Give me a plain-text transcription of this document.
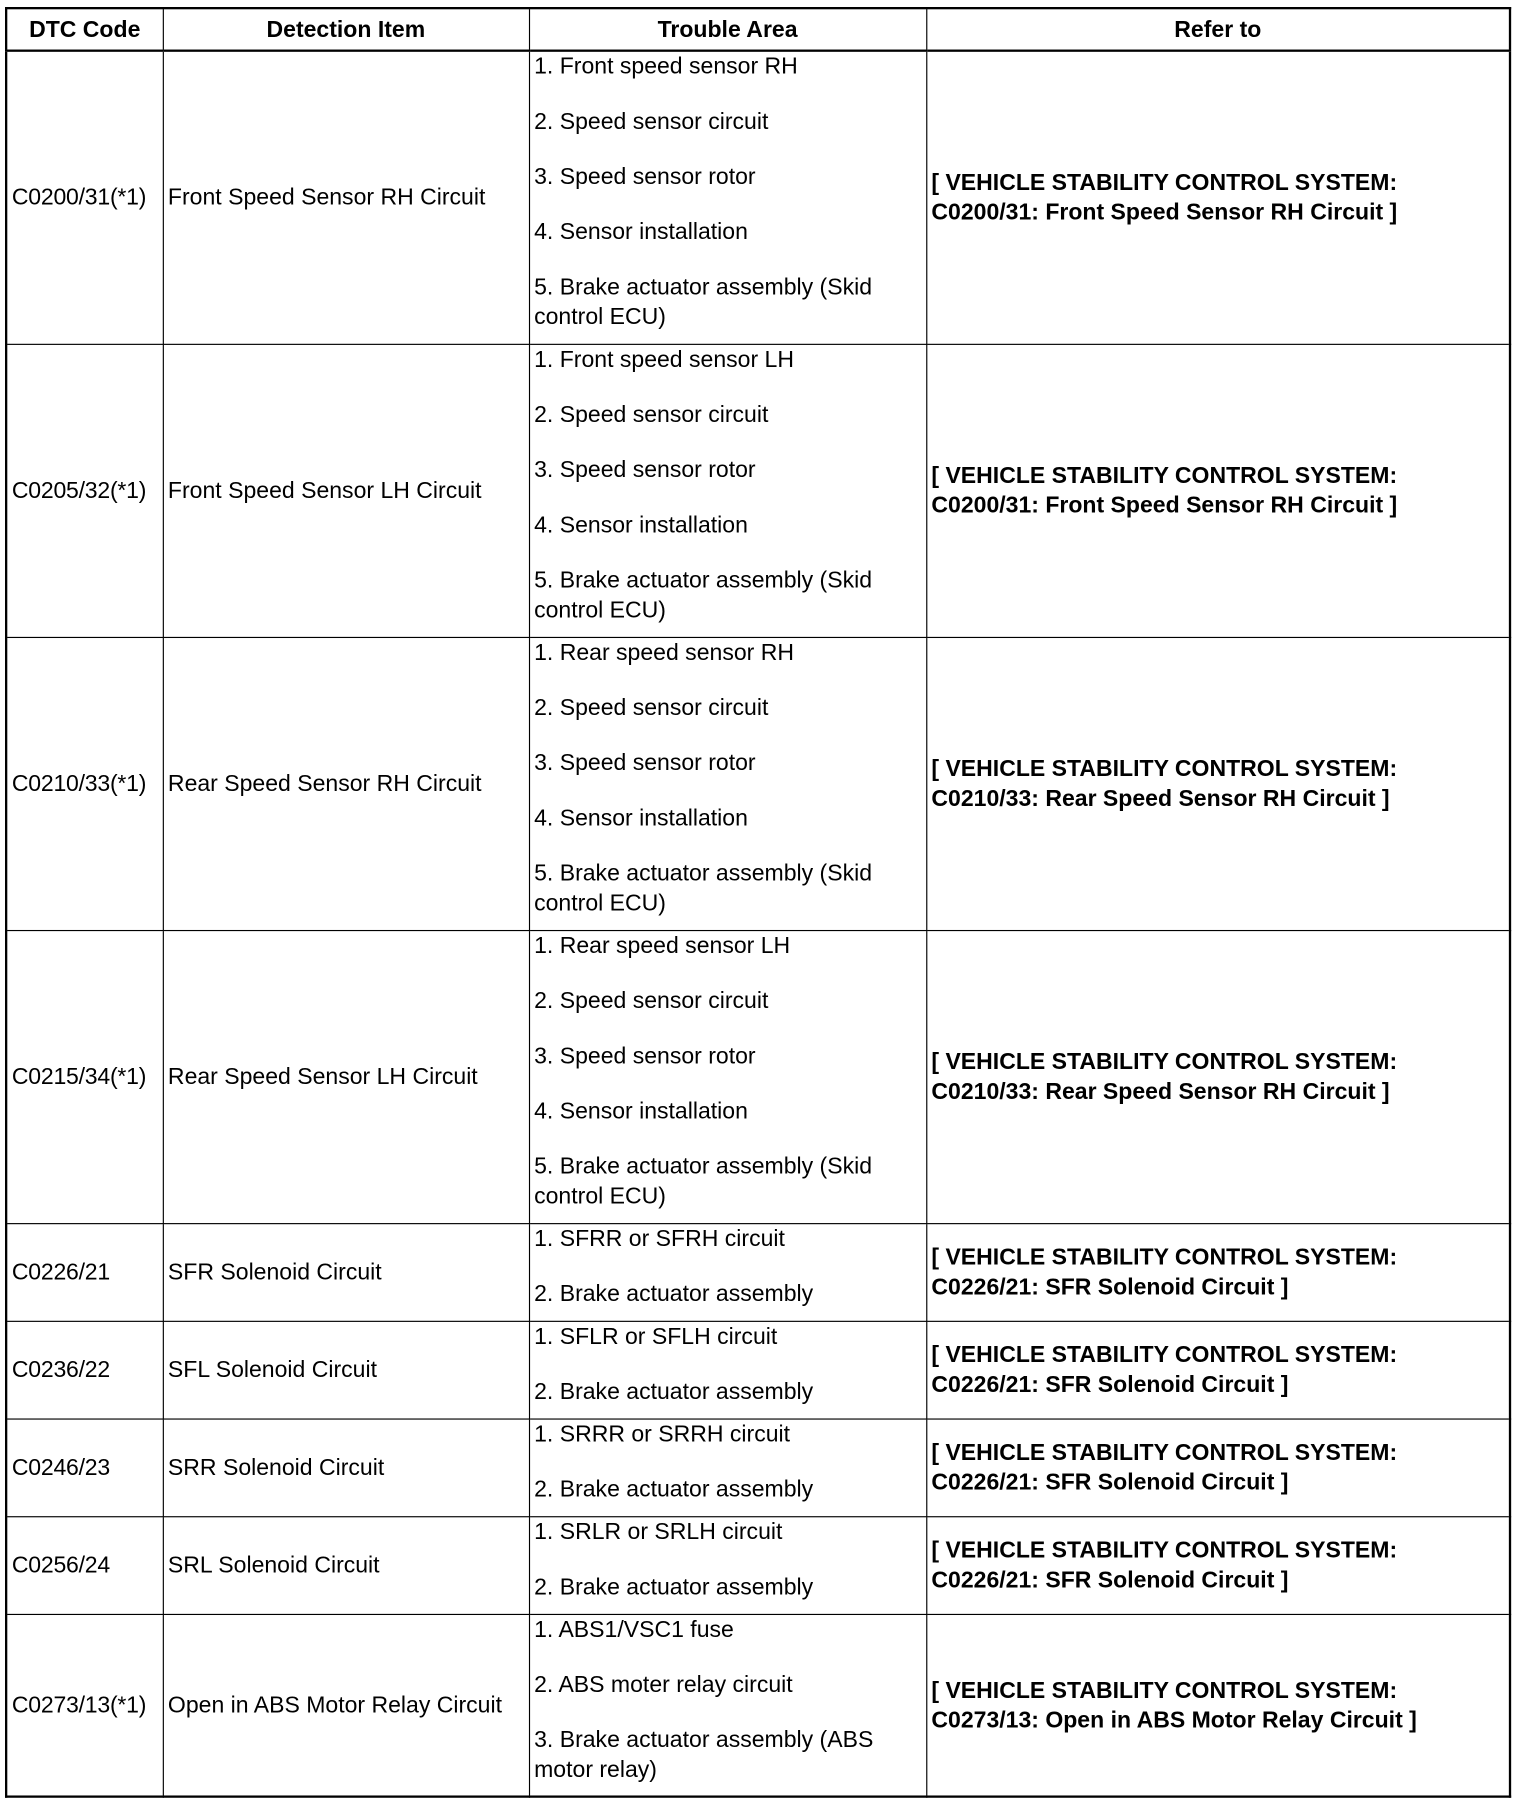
DTC Code	Detection Item	Trouble Area	Refer to
C0200/31(*1)	Front Speed Sensor RH Circuit	1. Front speed sensor RH
2. Speed sensor circuit
3. Speed sensor rotor
4. Sensor installation
5. Brake actuator assembly (Skid control ECU)	[ VEHICLE STABILITY CONTROL SYSTEM:
C0200/31: Front Speed Sensor RH Circuit ]

C0205/32(*1)	Front Speed Sensor LH Circuit	1. Front speed sensor LH
2. Speed sensor circuit
3. Speed sensor rotor
4. Sensor installation
5. Brake actuator assembly (Skid control ECU)	[ VEHICLE STABILITY CONTROL SYSTEM:
C0200/31: Front Speed Sensor RH Circuit ]

C0210/33(*1)	Rear Speed Sensor RH Circuit	1. Rear speed sensor RH
2. Speed sensor circuit
3. Speed sensor rotor
4. Sensor installation
5. Brake actuator assembly (Skid control ECU)	[ VEHICLE STABILITY CONTROL SYSTEM:
C0210/33: Rear Speed Sensor RH Circuit ]

C0215/34(*1)	Rear Speed Sensor LH Circuit	1. Rear speed sensor LH
2. Speed sensor circuit
3. Speed sensor rotor
4. Sensor installation
5. Brake actuator assembly (Skid control ECU)	[ VEHICLE STABILITY CONTROL SYSTEM:
C0210/33: Rear Speed Sensor RH Circuit ]

C0226/21	SFR Solenoid Circuit	1. SFRR or SFRH circuit
2. Brake actuator assembly	[ VEHICLE STABILITY CONTROL SYSTEM:
C0226/21: SFR Solenoid Circuit ]

C0236/22	SFL Solenoid Circuit	1. SFLR or SFLH circuit
2. Brake actuator assembly	[ VEHICLE STABILITY CONTROL SYSTEM:
C0226/21: SFR Solenoid Circuit ]

C0246/23	SRR Solenoid Circuit	1. SRRR or SRRH circuit
2. Brake actuator assembly	[ VEHICLE STABILITY CONTROL SYSTEM:
C0226/21: SFR Solenoid Circuit ]

C0256/24	SRL Solenoid Circuit	1. SRLR or SRLH circuit
2. Brake actuator assembly	[ VEHICLE STABILITY CONTROL SYSTEM:
C0226/21: SFR Solenoid Circuit ]

C0273/13(*1)	Open in ABS Motor Relay Circuit	1. ABS1/VSC1 fuse
2. ABS moter relay circuit
3. Brake actuator assembly (ABS motor relay)	[ VEHICLE STABILITY CONTROL SYSTEM:
C0273/13: Open in ABS Motor Relay Circuit ]
